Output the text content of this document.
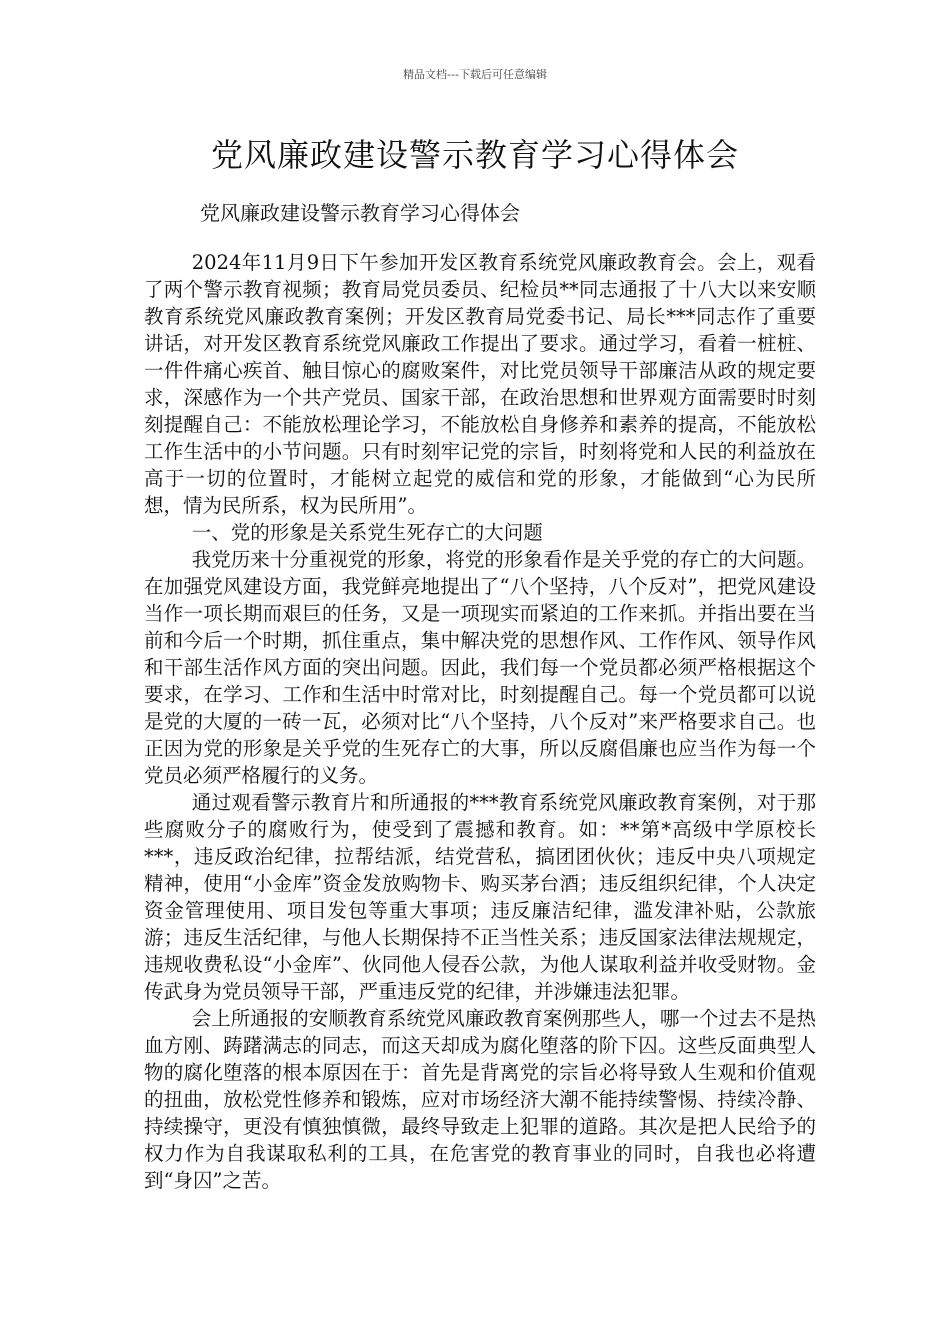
精品文档---下载后可任意编辑
党风廉政建设警示教育学习心得体会
党风廉政建设警示教育学习心得体会

2024年11月9日下午参加开发区教育系统党风廉政教育会。会上，观看了两个警示教育视频；教育局党员委员、纪检员**同志通报了十八大以来安顺教育系统党风廉政教育案例；开发区教育局党委书记、局长***同志作了重要讲话，对开发区教育系统党风廉政工作提出了要求。通过学习，看着一桩桩、一件件痛心疾首、触目惊心的腐败案件，对比党员领导干部廉洁从政的规定要求，深感作为一个共产党员、国家干部，在政治思想和世界观方面需要时时刻刻提醒自己：不能放松理论学习，不能放松自身修养和素养的提高，不能放松工作生活中的小节问题。只有时刻牢记党的宗旨，时刻将党和人民的利益放在高于一切的位置时，才能树立起党的威信和党的形象，才能做到“心为民所想，情为民所系，权为民所用”。

一、党的形象是关系党生死存亡的大问题

我党历来十分重视党的形象，将党的形象看作是关乎党的存亡的大问题。在加强党风建设方面，我党鲜亮地提出了“八个坚持，八个反对”，把党风建设当作一项长期而艰巨的任务，又是一项现实而紧迫的工作来抓。并指出要在当前和今后一个时期，抓住重点，集中解决党的思想作风、工作作风、领导作风和干部生活作风方面的突出问题。因此，我们每一个党员都必须严格根据这个要求，在学习、工作和生活中时常对比，时刻提醒自己。每一个党员都可以说是党的大厦的一砖一瓦，必须对比“八个坚持，八个反对”来严格要求自己。也正因为党的形象是关乎党的生死存亡的大事，所以反腐倡廉也应当作为每一个党员必须严格履行的义务。

通过观看警示教育片和所通报的***教育系统党风廉政教育案例，对于那些腐败分子的腐败行为，使受到了震撼和教育。如：**第*高级中学原校长***，违反政治纪律，拉帮结派，结党营私，搞团团伙伙；违反中央八项规定精神，使用“小金库”资金发放购物卡、购买茅台酒；违反组织纪律，个人决定资金管理使用、项目发包等重大事项；违反廉洁纪律，滥发津补贴，公款旅游；违反生活纪律，与他人长期保持不正当性关系；违反国家法律法规规定，违规收费私设“小金库”、伙同他人侵吞公款，为他人谋取利益并收受财物。金传武身为党员领导干部，严重违反党的纪律，并涉嫌违法犯罪。

会上所通报的安顺教育系统党风廉政教育案例那些人，哪一个过去不是热血方刚、踌躇满志的同志，而这天却成为腐化堕落的阶下囚。这些反面典型人物的腐化堕落的根本原因在于：首先是背离党的宗旨必将导致人生观和价值观的扭曲，放松党性修养和锻炼，应对市场经济大潮不能持续警惕、持续冷静、持续操守，更没有慎独慎微，最终导致走上犯罪的道路。其次是把人民给予的权力作为自我谋取私利的工具，在危害党的教育事业的同时，自我也必将遭到“身囚”之苦。
